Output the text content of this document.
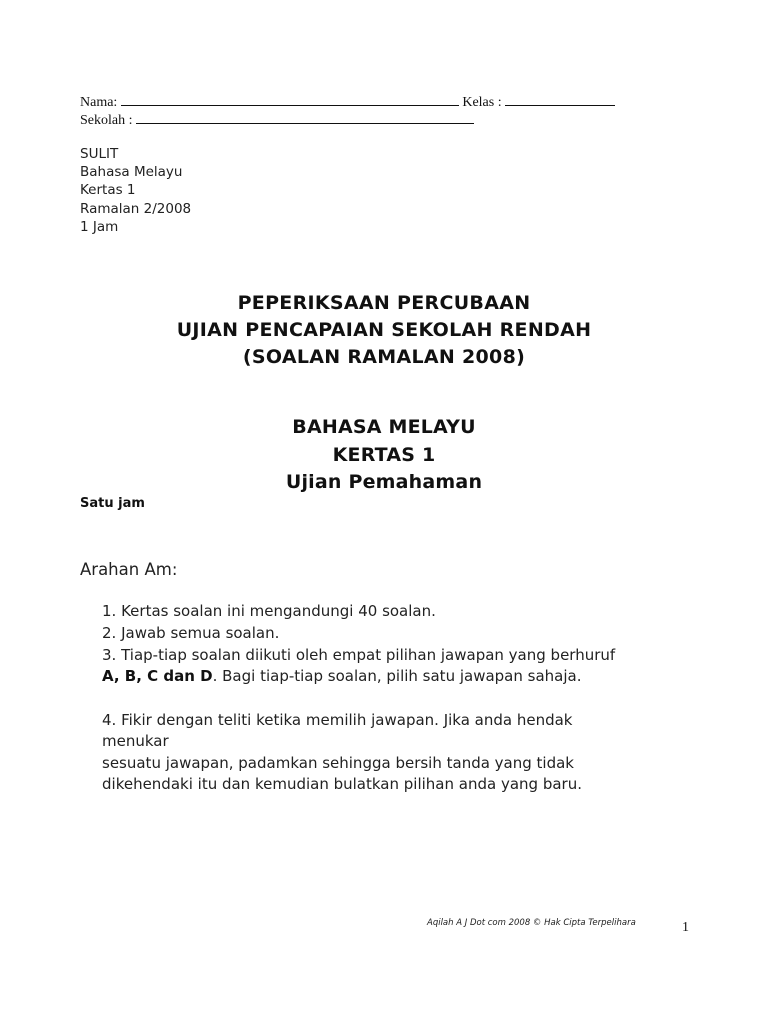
Nama:	Kelas :
Sekolah :
SULIT
Bahasa Melayu
Kertas 1
Ramalan 2/2008
1 Jam
PEPERIKSAAN PERCUBAAN
UJIAN PENCAPAIAN SEKOLAH RENDAH
(SOALAN RAMALAN 2008)
BAHASA MELAYU
KERTAS 1
Ujian Pemahaman
Satu jam
Arahan Am:
1. Kertas soalan ini mengandungi 40 soalan.
2. Jawab semua soalan.
3. Tiap-tiap soalan diikuti oleh empat pilihan jawapan yang berhuruf
A, B, C dan D. Bagi tiap-tiap soalan, pilih satu jawapan sahaja.
4. Fikir dengan teliti ketika memilih jawapan. Jika anda hendak
menukar
sesuatu jawapan, padamkan sehingga bersih tanda yang tidak
dikehendaki itu dan kemudian bulatkan pilihan anda yang baru.
Aqilah A J Dot com 2008 © Hak Cipta Terpelihara	1
